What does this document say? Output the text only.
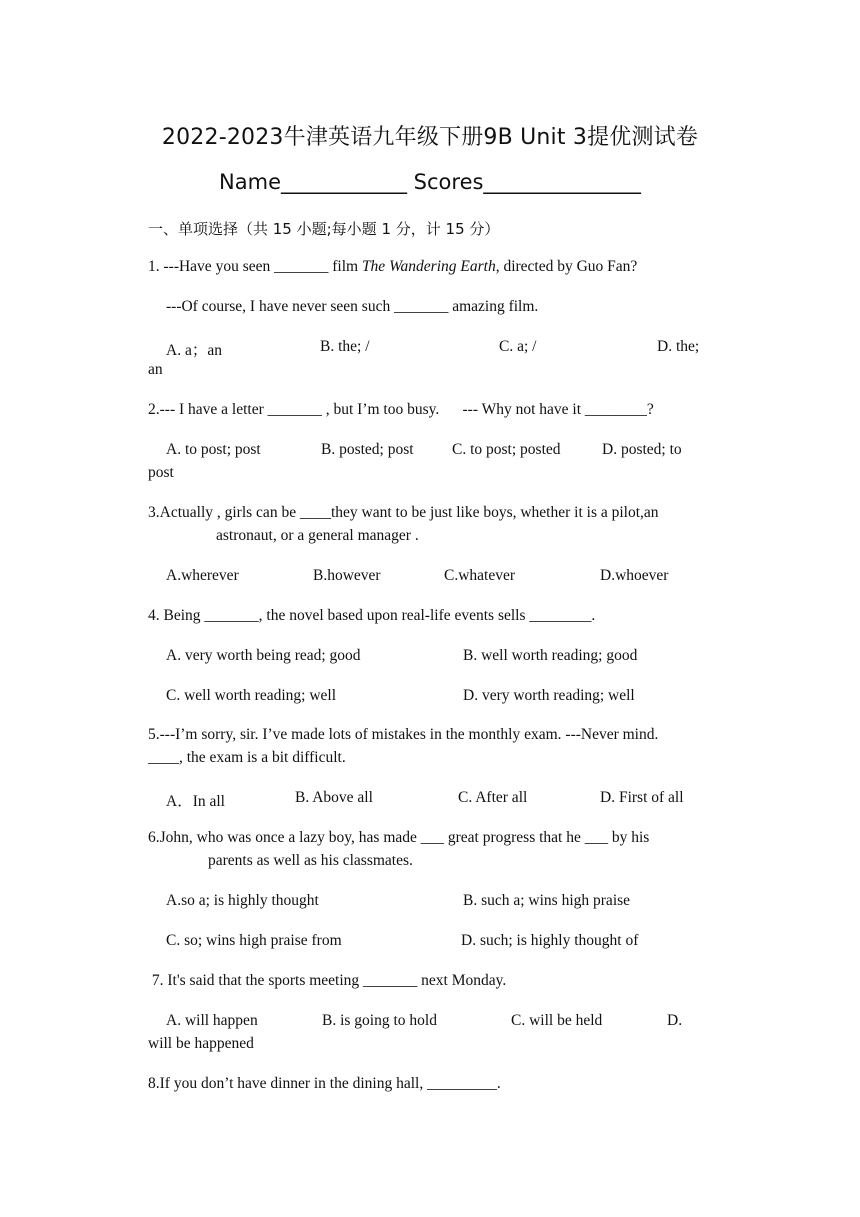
2022-2023牛津英语九年级下册9B Unit 3提优测试卷
Name____________ Scores_______________
一、单项选择（共 15 小题;每小题 1 分，计 15 分）
1. ---Have you seen _______ film The Wandering Earth, directed by Guo Fan?
---Of course, I have never seen such _______ amazing film.
A. a；an	B. the; /	C. a; /	D. the;
an
2.--- I have a letter _______ , but I’m too busy.      --- Why not have it ________?
A. to post; post	B. posted; post C. to post; posted	D. posted; to
post
3.Actually , girls can be ____they want to be just like boys, whether it is a pilot,an
astronaut, or a general manager .
A.wherever	B.however	C.whatever	D.whoever
4. Being _______, the novel based upon real-life events sells ________.
A. very worth being read; good	B. well worth reading; good
C. well worth reading; well	D. very worth reading; well
5.---I’m sorry, sir. I’ve made lots of mistakes in the monthly exam. ---Never mind.
____, the exam is a bit difficult.
A．In all	B. Above all	C. After all	D. First of all
6.John, who was once a lazy boy, has made ___ great progress that he ___ by his
parents as well as his classmates.
A.so a; is highly thought	B. such a; wins high praise
C. so; wins high praise from	D. such; is highly thought of
7. It's said that the sports meeting _______ next Monday.
A. will happen	B. is going to hold	C. will be held	D.
will be happened
8.If you don’t have dinner in the dining hall, _________.
